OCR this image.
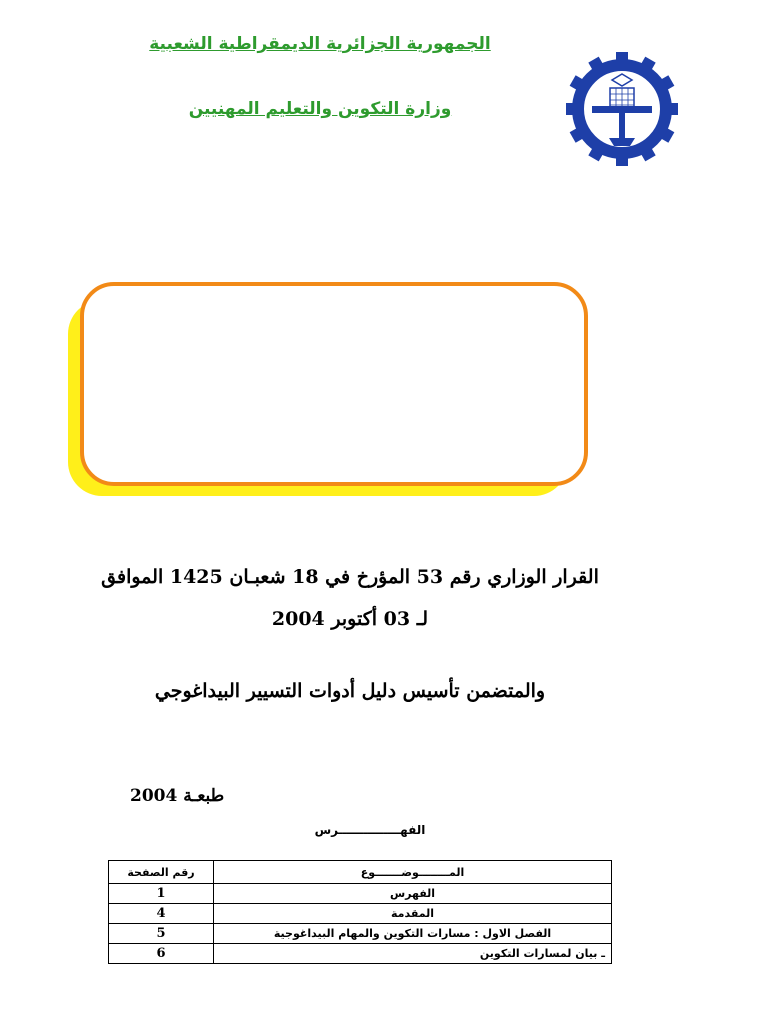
الجمهورية الجزائرية الديمقراطية الشعبية
وزارة التكوين والتعليم المهنيين
القرار الوزاري رقم 53 المؤرخ في 18 شعبـان 1425 الموافق
لـ 03 أكتوبر 2004
والمتضمن تأسيس دليل أدوات التسيير البيداغوجي
طبعـة 2004
الفهـــــــــــــــرس
المــــــــوضـــــــوع	رقم الصفحة
الفهرس	1
المقدمة	4
الفصل الاول : مسارات التكوين والمهام البيداغوجية	5
ـ بيان لمسارات التكوين	6
